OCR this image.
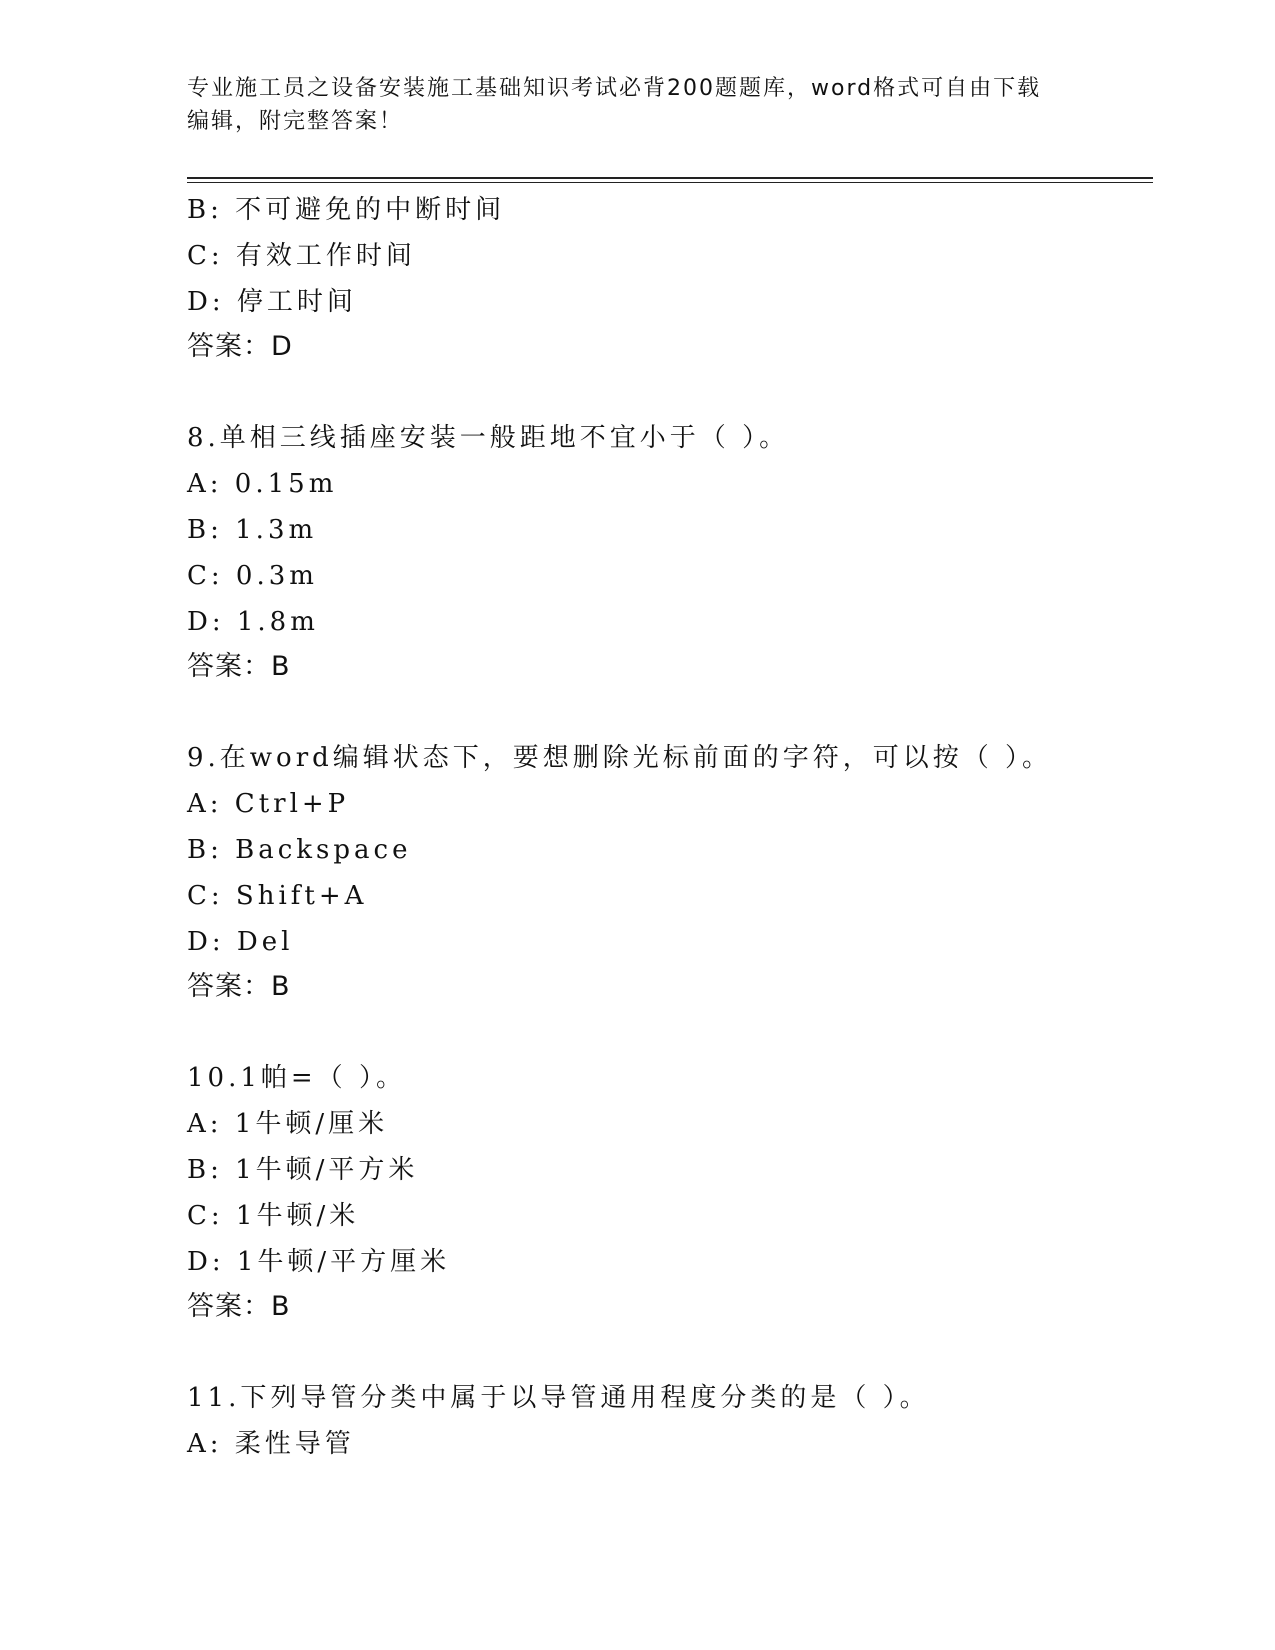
专业施工员之设备安装施工基础知识考试必背200题题库，word格式可自由下载
编辑，附完整答案！
B: 不可避免的中断时间
C: 有效工作时间
D: 停工时间
答案：D
8.单相三线插座安装一般距地不宜小于（ ）。
A: 0.15m
B: 1.3m
C: 0.3m
D: 1.8m
答案：B
9.在word编辑状态下，要想删除光标前面的字符，可以按（ ）。
A: Ctrl+P
B: Backspace
C: Shift+A
D: Del
答案：B
10.1帕=（ ）。
A: 1牛顿/厘米
B: 1牛顿/平方米
C: 1牛顿/米
D: 1牛顿/平方厘米
答案：B
11.下列导管分类中属于以导管通用程度分类的是（ ）。
A: 柔性导管
